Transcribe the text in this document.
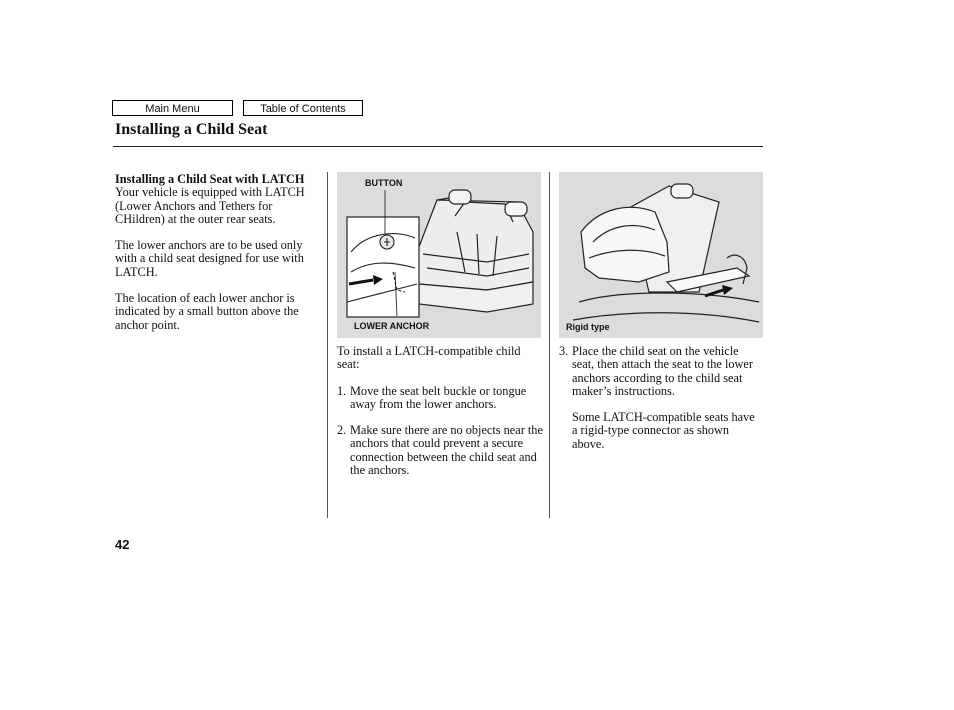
Main Menu	Table of Contents
Installing a Child Seat
Installing a Child Seat with LATCH

Your vehicle is equipped with LATCH (Lower Anchors and Tethers for CHildren) at the outer rear seats.

The lower anchors are to be used only with a child seat designed for use with LATCH.

The location of each lower anchor is indicated by a small button above the anchor point.

BUTTON
LOWER ANCHOR	Rigid type

To install a LATCH-compatible child seat:

1. Move the seat belt buckle or tongue away from the lower anchors.
2. Make sure there are no objects near the anchors that could prevent a secure connection between the child seat and the anchors.
3. Place the child seat on the vehicle seat, then attach the seat to the lower anchors according to the child seat maker’s instructions.

Some LATCH-compatible seats have a rigid-type connector as shown above.

42
